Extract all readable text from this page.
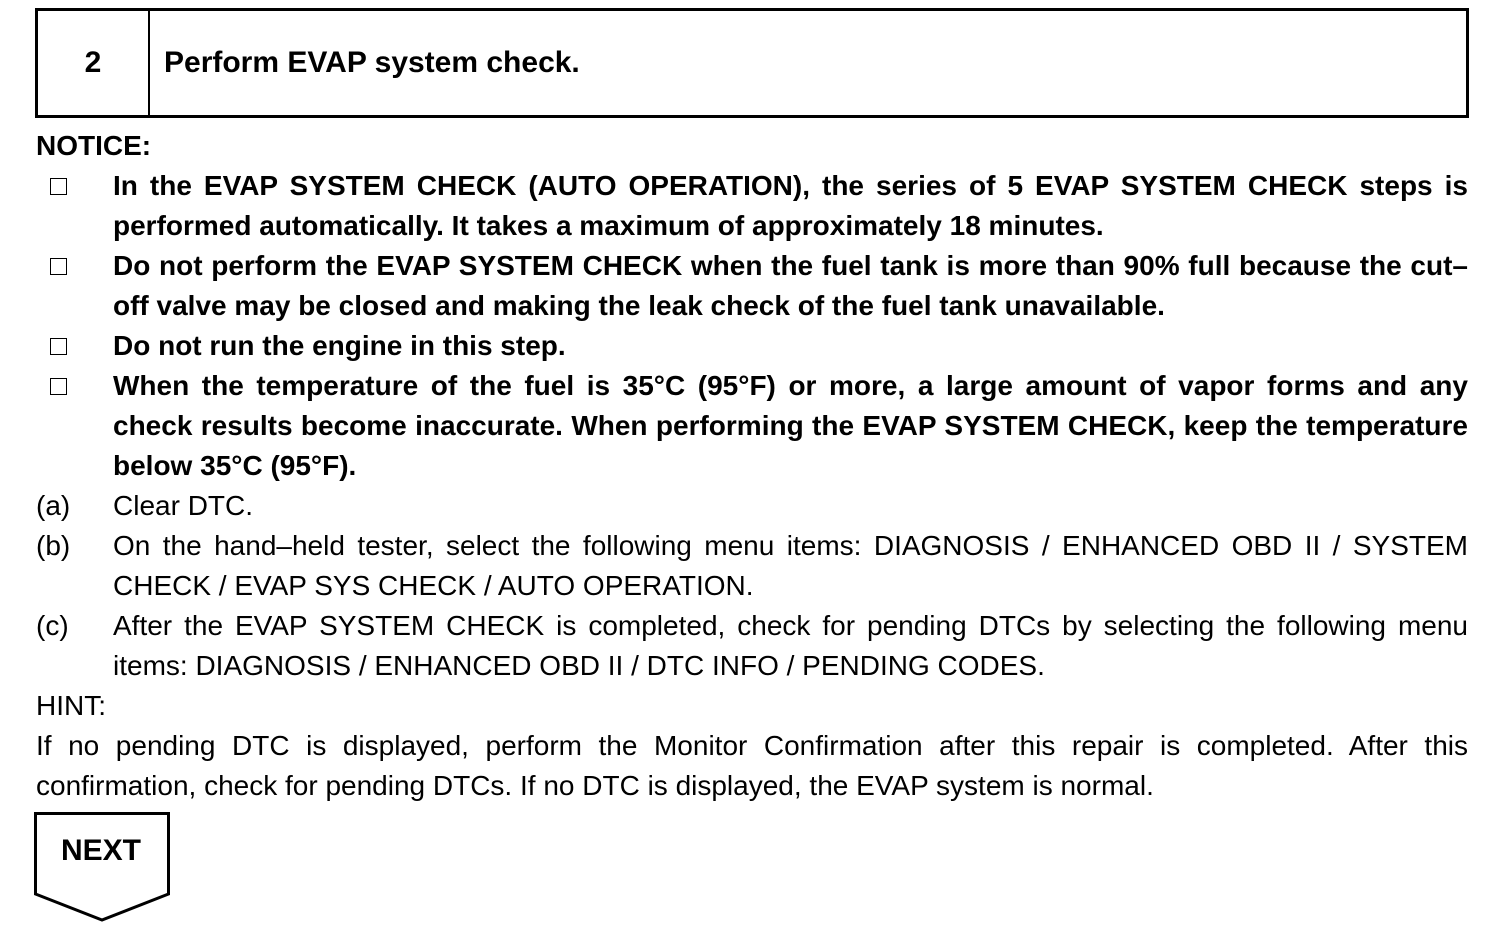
2	Perform EVAP system check.

NOTICE:

In the EVAP SYSTEM CHECK (AUTO OPERATION), the series of 5 EVAP SYSTEM CHECK steps is performed automatically. It takes a maximum of approximately 18 minutes.
Do not perform the EVAP SYSTEM CHECK when the fuel tank is more than 90% full because the cut–off valve may be closed and making the leak check of the fuel tank unavailable.
Do not run the engine in this step.
When the temperature of the fuel is 35°C (95°F) or more, a large amount of vapor forms and any check results become inaccurate. When performing the EVAP SYSTEM CHECK, keep the temperature below 35°C (95°F).
(a)	Clear DTC.
(b)	On the hand–held tester, select the following menu items: DIAGNOSIS / ENHANCED OBD II / SYSTEM CHECK / EVAP SYS CHECK / AUTO OPERATION.
(c)	After the EVAP SYSTEM CHECK is completed, check for pending DTCs by selecting the following menu items: DIAGNOSIS / ENHANCED OBD II / DTC INFO / PENDING CODES.

HINT:

If no pending DTC is displayed, perform the Monitor Confirmation after this repair is completed. After this confirmation, check for pending DTCs. If no DTC is displayed, the EVAP system is normal.

NEXT
